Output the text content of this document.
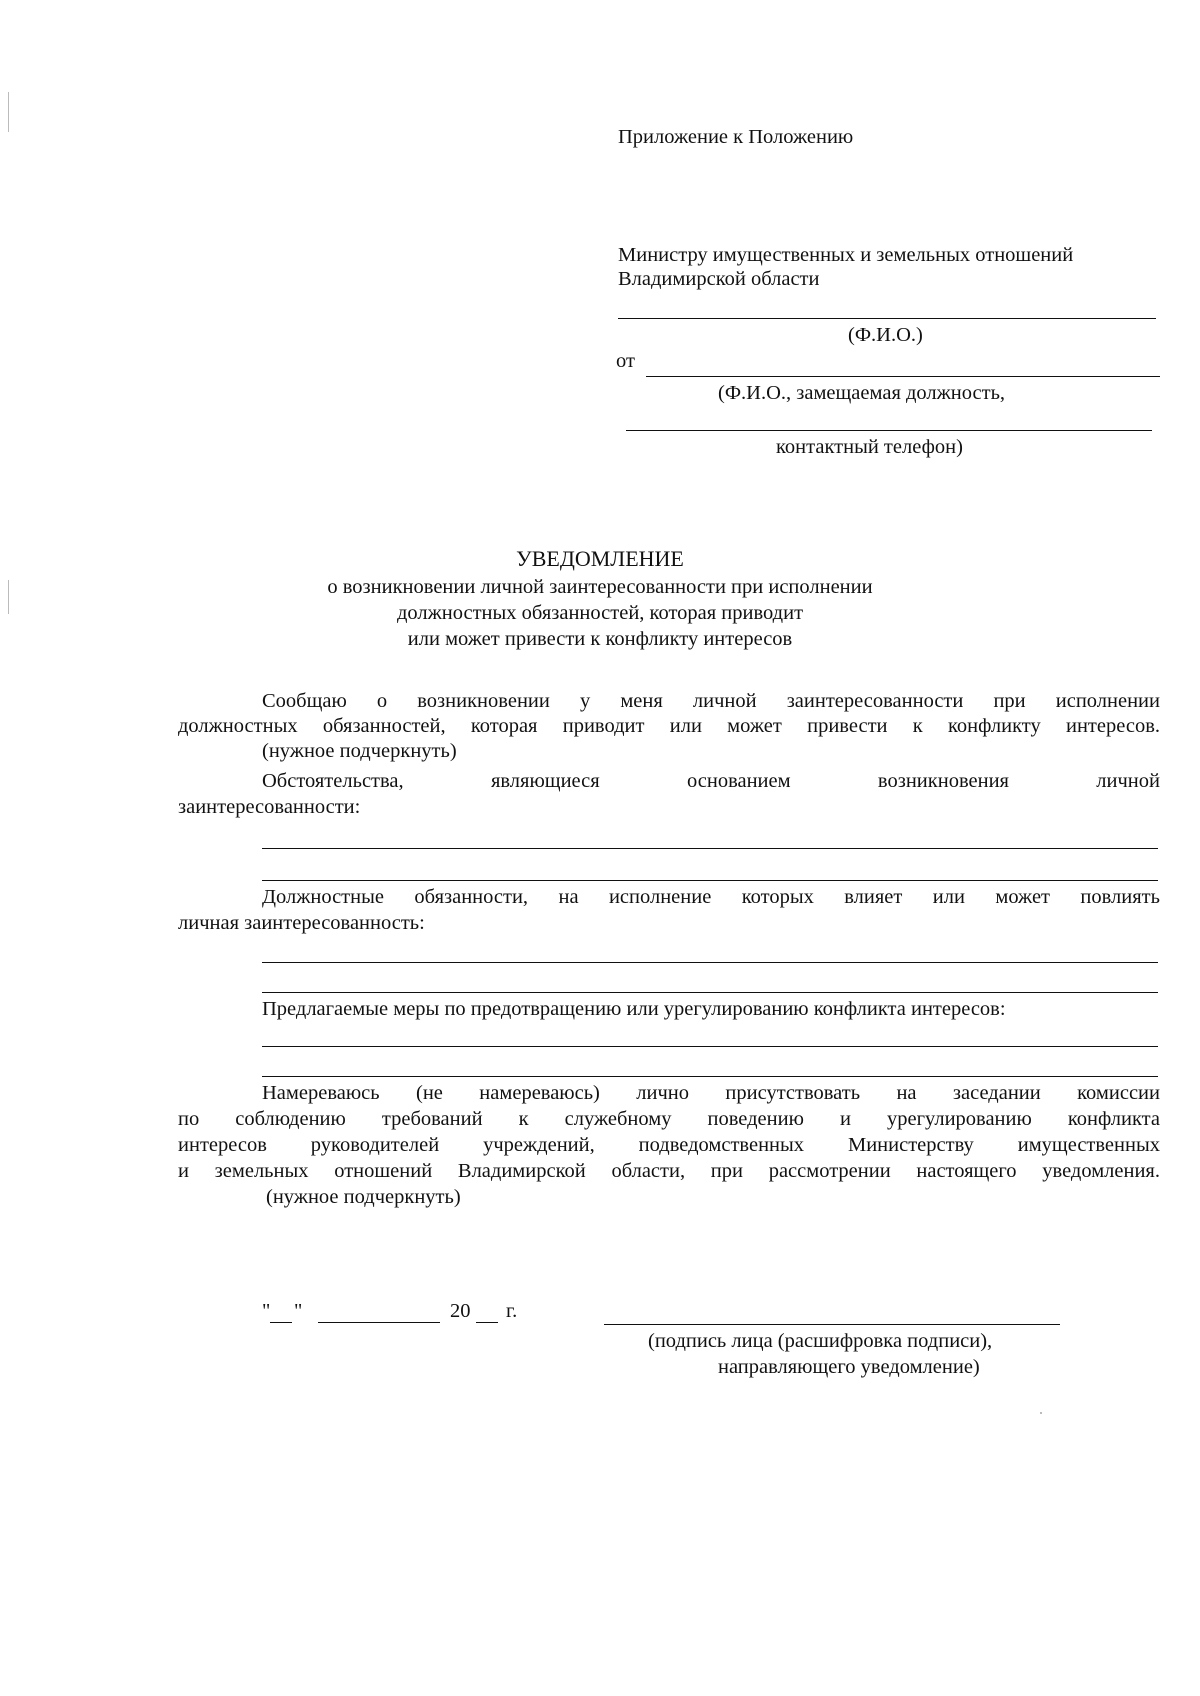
Приложение к Положению
Министру имущественных и земельных отношений
Владимирской области
(Ф.И.О.)
от
(Ф.И.О., замещаемая должность,
контактный телефон)
УВЕДОМЛЕНИЕ
о возникновении личной заинтересованности при исполнении
должностных обязанностей, которая приводит
или может привести к конфликту интересов
Сообщаю о возникновении у меня личной заинтересованности при исполнении
должностных обязанностей, которая приводит или может привести к конфликту интересов.
(нужное подчеркнуть)
Обстоятельства, являющиеся основанием возникновения личной
заинтересованности:
Должностные обязанности, на исполнение которых влияет или может повлиять
личная заинтересованность:
Предлагаемые меры по предотвращению или урегулированию конфликта интересов:
Намереваюсь (не намереваюсь) лично присутствовать на заседании комиссии
по соблюдению требований к служебному поведению и урегулированию конфликта
интересов руководителей учреждений, подведомственных Министерству имущественных
и земельных отношений Владимирской области, при рассмотрении настоящего уведомления.
(нужное подчеркнуть)
" "	20 г.
(подпись лица (расшифровка подписи),
направляющего уведомление)
